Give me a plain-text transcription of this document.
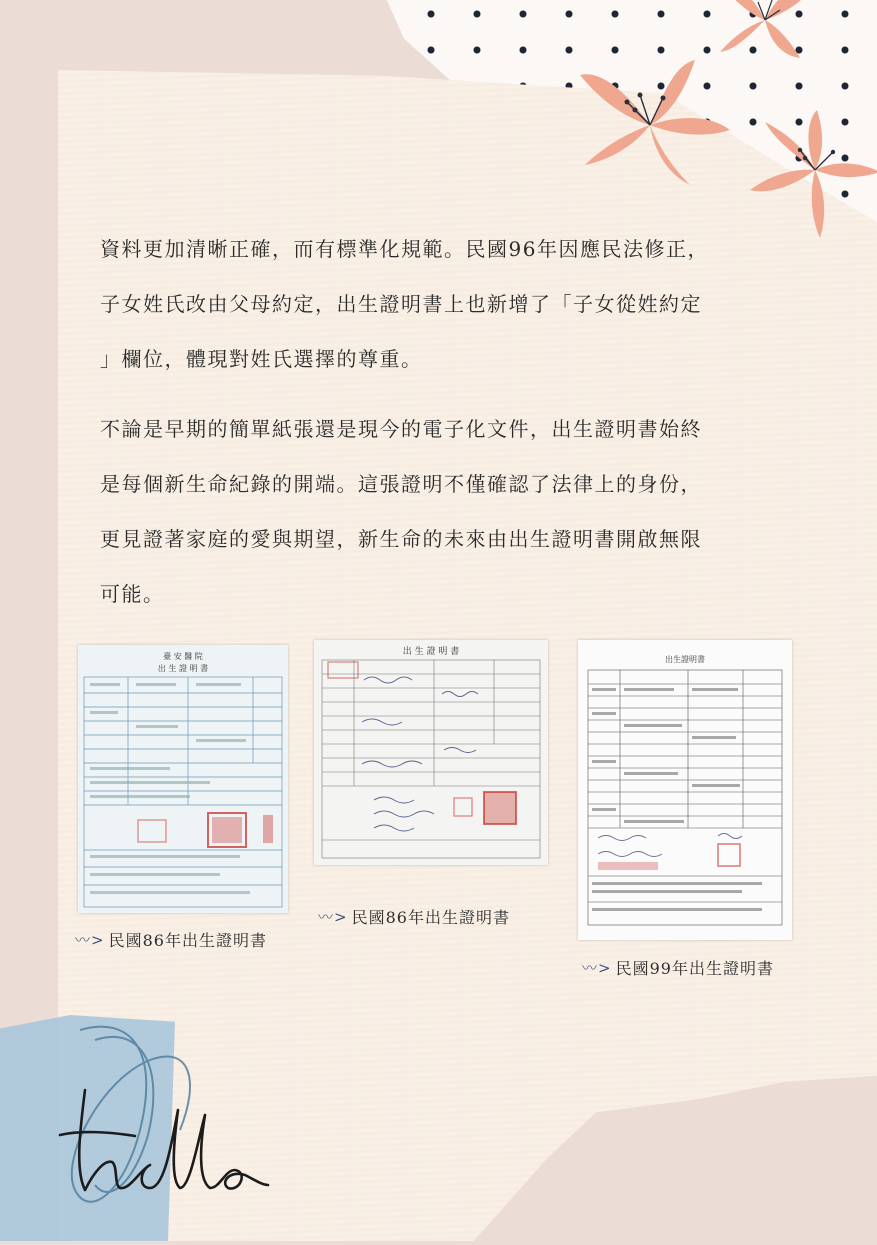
資料更加清晰正確，而有標準化規範。民國96年因應民法修正，
子女姓氏改由父母約定，出生證明書上也新增了「子女從姓約定
」欄位，體現對姓氏選擇的尊重。
不論是早期的簡單紙張還是現今的電子化文件，出生證明書始終
是每個新生命紀錄的開端。這張證明不僅確認了法律上的身份，
更見證著家庭的愛與期望，新生命的未來由出生證明書開啟無限
可能。
臺 安 醫 院
出 生 證 明 書
〰> 民國86年出生證明書
出 生 證 明 書
〰> 民國86年出生證明書
出生證明書
〰> 民國99年出生證明書
